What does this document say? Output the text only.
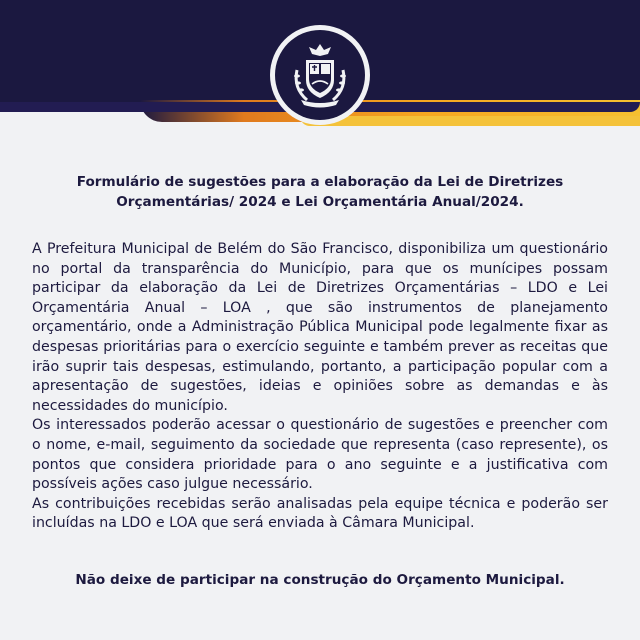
Formulário de sugestões para a elaboração da Lei de Diretrizes
Orçamentárias/ 2024 e Lei Orçamentária Anual/2024.

A Prefeitura Municipal de Belém do São Francisco, disponibiliza um questionário no portal da transparência do Município, para que os munícipes possam participar da elaboração da Lei de Diretrizes Orçamentárias – LDO e Lei Orçamentária Anual – LOA , que são instrumentos de planejamento orçamentário, onde a Administração Pública Municipal pode legalmente fixar as despesas prioritárias para o exercício seguinte e também prever as receitas que irão suprir tais despesas, estimulando, portanto, a participação popular com a apresentação de sugestões, ideias e opiniões sobre as demandas e às necessidades do município.

Os interessados poderão acessar o questionário de sugestões e preencher com o nome, e-mail, seguimento da sociedade que representa (caso represente), os pontos que considera prioridade para o ano seguinte e a justificativa com possíveis ações caso julgue necessário.

As contribuições recebidas serão analisadas pela equipe técnica e poderão ser incluídas na LDO e LOA que será enviada à Câmara Municipal.

Não deixe de participar na construção do Orçamento Municipal.
